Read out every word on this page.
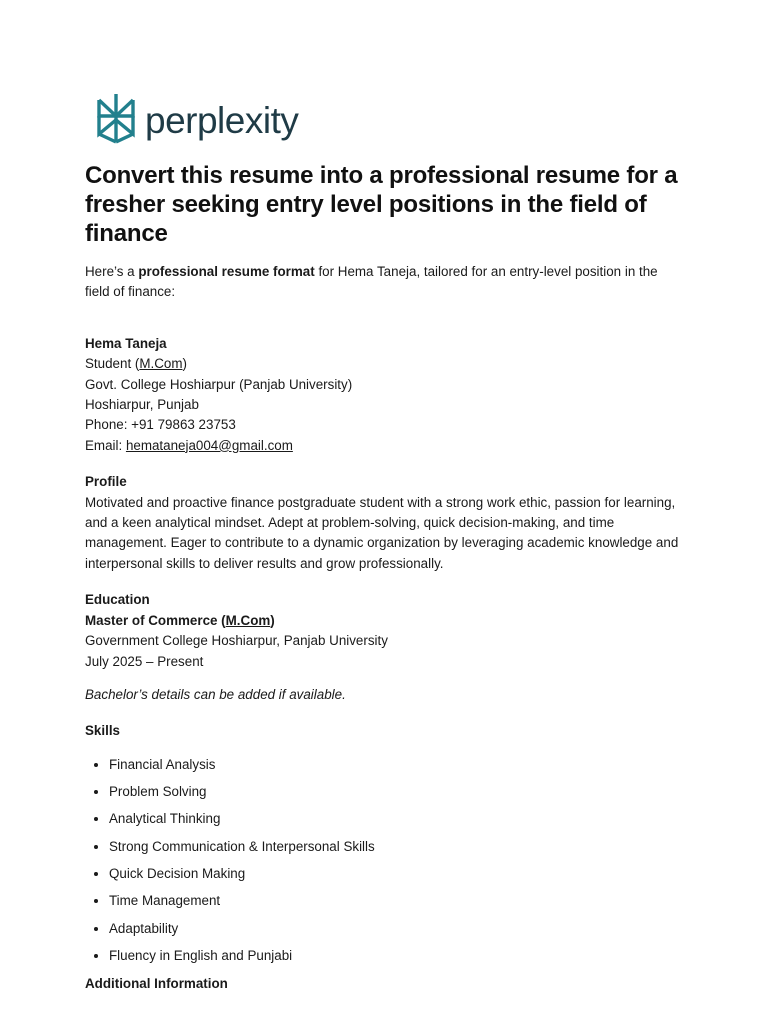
perplexity
Convert this resume into a professional resume for a fresher seeking entry level positions in the field of finance

Here’s a professional resume format for Hema Taneja, tailored for an entry-level position in the field of finance:

Hema Taneja

Student (M.Com)

Govt. College Hoshiarpur (Panjab University)

Hoshiarpur, Punjab

Phone: +91 79863 23753

Email: hemataneja004@gmail.com

Profile

Motivated and proactive finance postgraduate student with a strong work ethic, passion for learning, and a keen analytical mindset. Adept at problem-solving, quick decision-making, and time management. Eager to contribute to a dynamic organization by leveraging academic knowledge and interpersonal skills to deliver results and grow professionally.

Education

Master of Commerce (M.Com)

Government College Hoshiarpur, Panjab University

July 2025 – Present

Bachelor’s details can be added if available.

Skills

• Financial Analysis
• Problem Solving
• Analytical Thinking
• Strong Communication & Interpersonal Skills
• Quick Decision Making
• Time Management
• Adaptability
• Fluency in English and Punjabi

Additional Information
